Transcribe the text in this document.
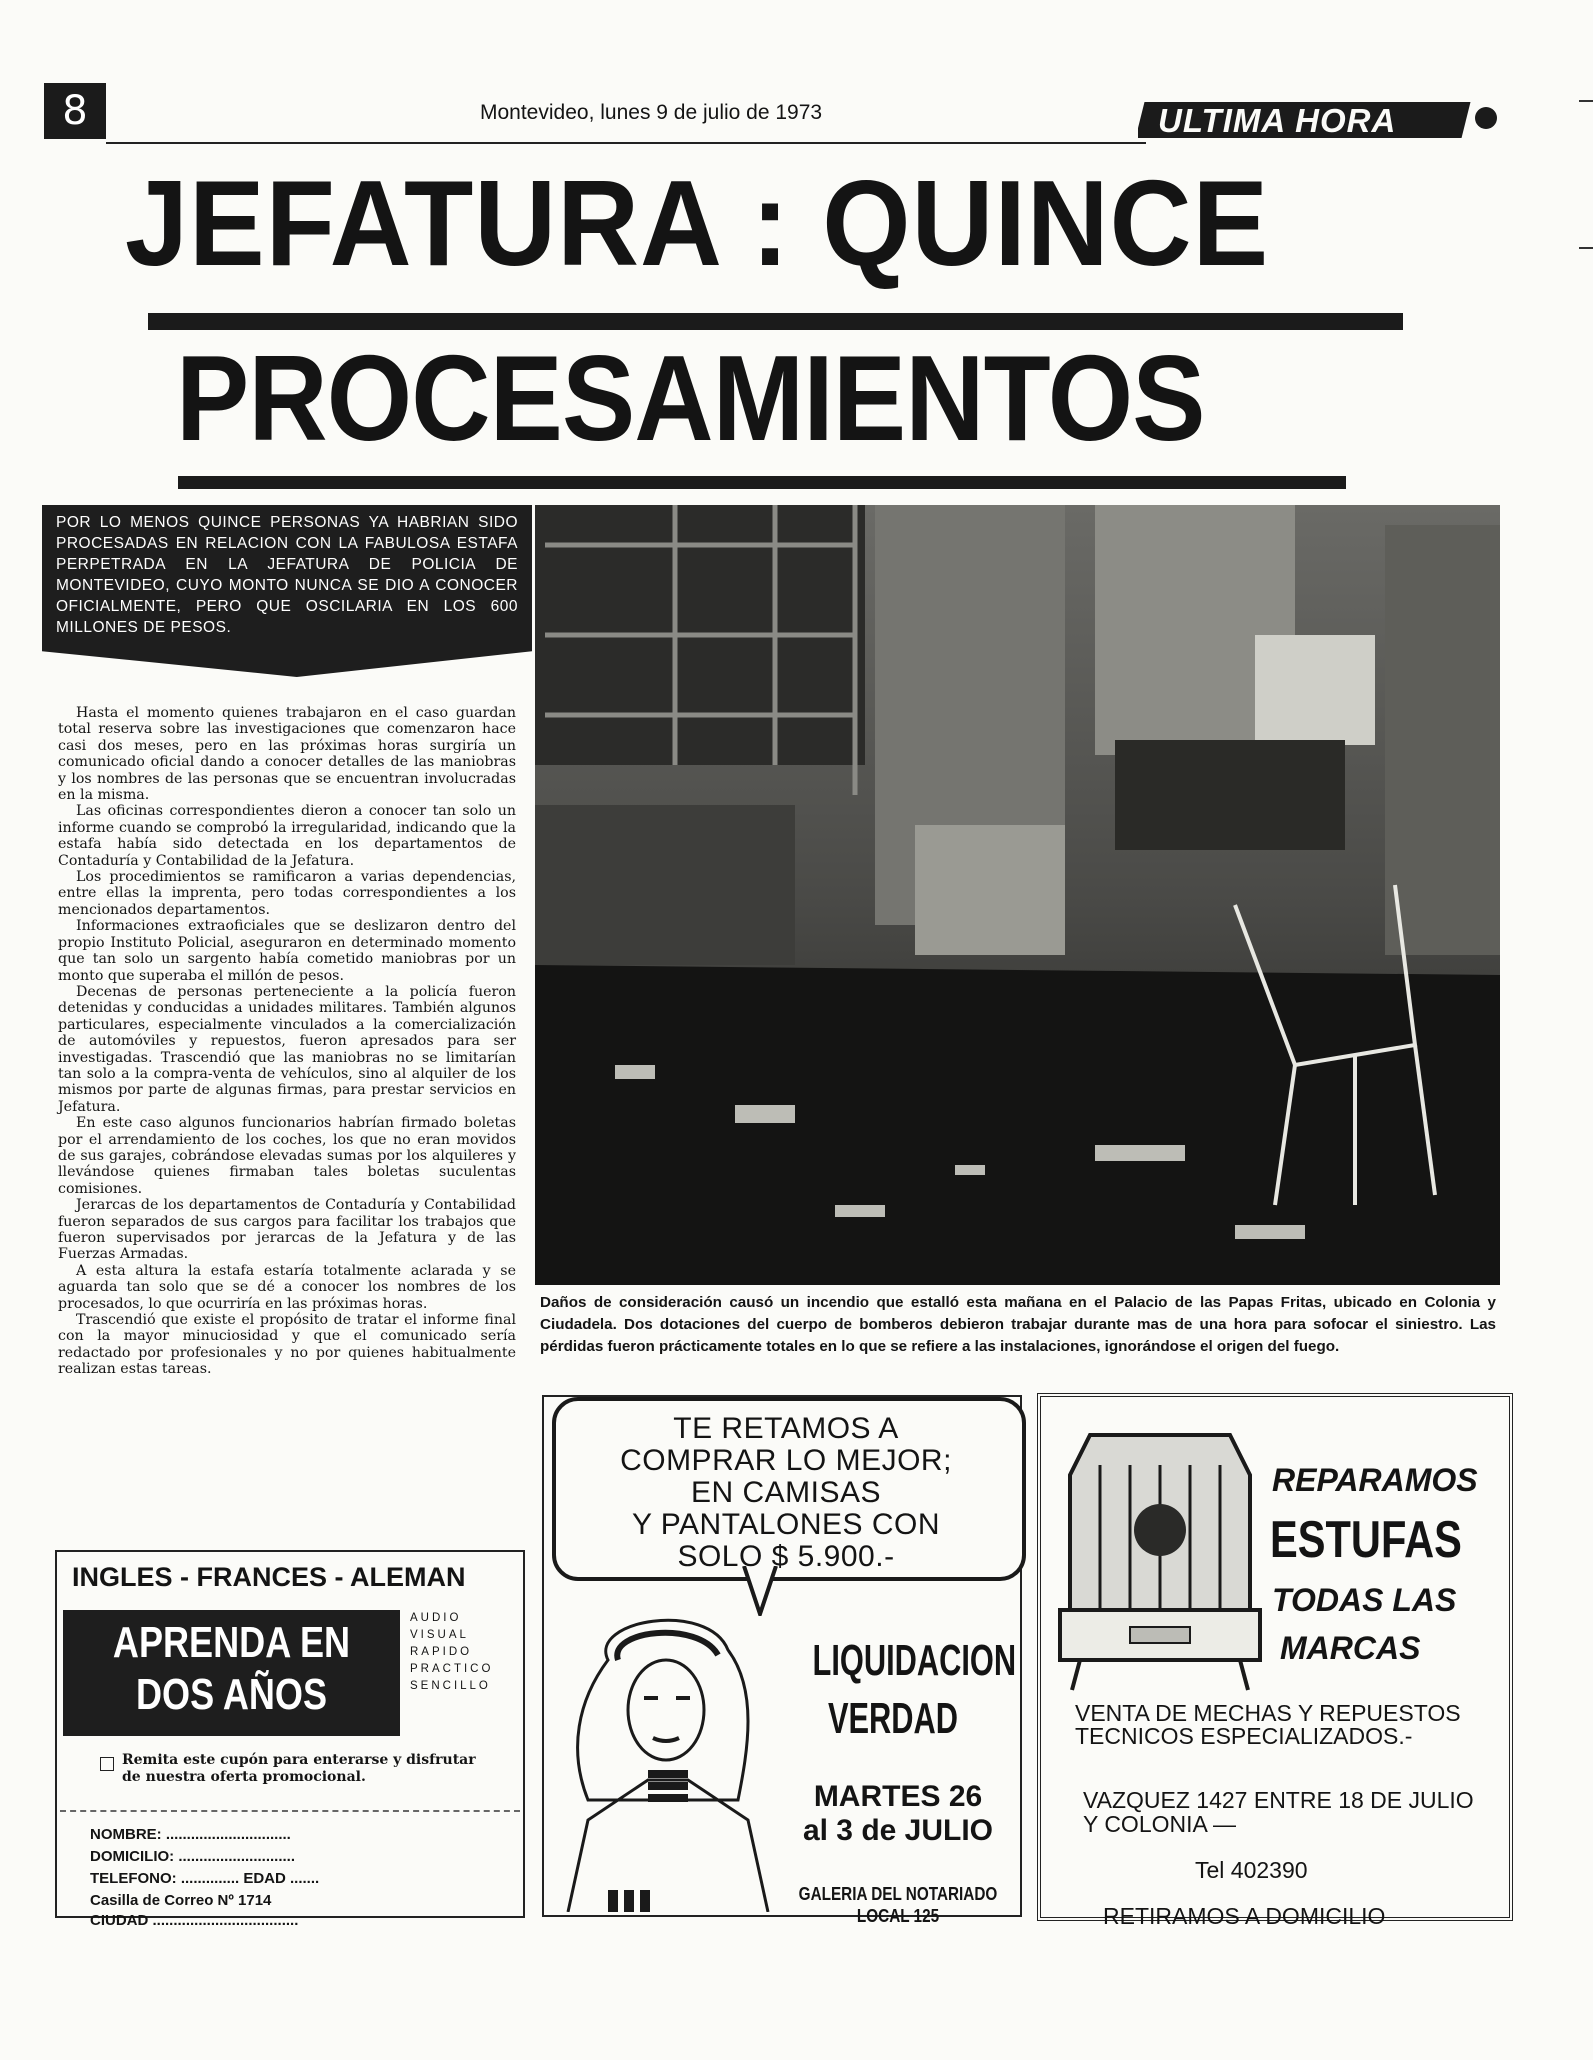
8	Montevideo, lunes 9 de julio de 1973	ULTIMA HORA
JEFATURA : QUINCE
PROCESAMIENTOS
POR LO MENOS QUINCE PERSONAS YA HABRIAN SIDO PROCESADAS EN RELACION CON LA FABULOSA ESTAFA PERPETRADA EN LA JEFATURA DE POLICIA DE MONTEVIDEO, CUYO MONTO NUNCA SE DIO A CONOCER OFICIALMENTE, PERO QUE OSCILARIA EN LOS 600 MILLONES DE PESOS.

Hasta el momento quienes trabajaron en el caso guardan total reserva sobre las investigaciones que comenzaron hace casi dos meses, pero en las próximas horas surgiría un comunicado oficial dando a conocer detalles de las maniobras y los nombres de las personas que se encuentran involucradas en la misma.

Las oficinas correspondientes dieron a conocer tan solo un informe cuando se comprobó la irregularidad, indicando que la estafa había sido detectada en los departamentos de Contaduría y Contabilidad de la Jefatura.

Los procedimientos se ramificaron a varias dependencias, entre ellas la imprenta, pero todas correspondientes a los mencionados departamentos.

Informaciones extraoficiales que se deslizaron dentro del propio Instituto Policial, aseguraron en determinado momento que tan solo un sargento había cometido maniobras por un monto que superaba el millón de pesos.

Decenas de personas perteneciente a la policía fueron detenidas y conducidas a unidades militares. También algunos particulares, especialmente vinculados a la comercialización de automóviles y repuestos, fueron apresados para ser investigadas. Trascendió que las maniobras no se limitarían tan solo a la compra-venta de vehículos, sino al alquiler de los mismos por parte de algunas firmas, para prestar servicios en Jefatura.

En este caso algunos funcionarios habrían firmado boletas por el arrendamiento de los coches, los que no eran movidos de sus garajes, cobrándose elevadas sumas por los alquileres y llevándose quienes firmaban tales boletas suculentas comisiones.

Jerarcas de los departamentos de Contaduría y Contabilidad fueron separados de sus cargos para facilitar los trabajos que fueron supervisados por jerarcas de la Jefatura y de las Fuerzas Armadas.

A esta altura la estafa estaría totalmente aclarada y se aguarda tan solo que se dé a conocer los nombres de los procesados, lo que ocurriría en las próximas horas.

Trascendió que existe el propósito de tratar el informe final con la mayor minuciosidad y que el comunicado sería redactado por profesionales y no por quienes habitualmente realizan estas tareas.

Daños de consideración causó un incendio que estalló esta mañana en el Palacio de las Papas Fritas, ubicado en Colonia y Ciudadela. Dos dotaciones del cuerpo de bomberos debieron trabajar durante mas de una hora para sofocar el siniestro. Las pérdidas fueron prácticamente totales en lo que se refiere a las instalaciones, ignorándose el origen del fuego.
INGLES - FRANCES - ALEMAN
APRENDA EN
DOS AÑOS
AUDIO
VISUAL
RAPIDO
PRACTICO
SENCILLO
Remita este cupón para enterarse y disfrutar de nuestra oferta promocional.
NOMBRE: ..............................
DOMICILIO: ............................
TELEFONO: .............. EDAD .......
Casilla de Correo Nº 1714
CIUDAD ...................................
TE RETAMOS A
COMPRAR LO MEJOR;
EN CAMISAS
Y PANTALONES CON
SOLO $ 5.900.-
LIQUIDACION
VERDAD
MARTES 26
al 3 de JULIO
GALERIA DEL NOTARIADO
LOCAL 125
REPARAMOS
ESTUFAS
TODAS LAS
MARCAS
VENTA DE MECHAS Y REPUESTOS TECNICOS ESPECIALIZADOS.-
VAZQUEZ 1427 ENTRE 18 DE JULIO Y COLONIA —
Tel 402390
RETIRAMOS A DOMICILIO
